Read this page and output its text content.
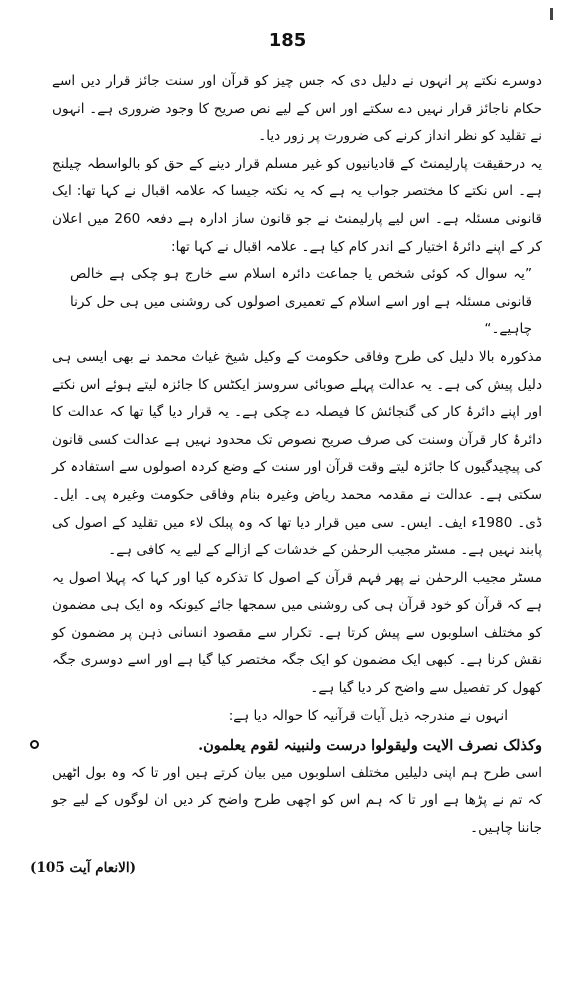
185

دوسرے نکتے پر انہوں نے دلیل دی کہ جس چیز کو قرآن اور سنت جائز قرار دیں اسے حکام ناجائز قرار نہیں دے سکتے اور اس کے لیے نص صریح کا وجود ضروری ہے۔ انہوں نے تقلید کو نظر انداز کرنے کی ضرورت پر زور دیا۔

یہ درحقیقت پارلیمنٹ کے قادیانیوں کو غیر مسلم قرار دینے کے حق کو بالواسطہ چیلنج ہے۔ اس نکتے کا مختصر جواب یہ ہے کہ یہ نکتہ جیسا کہ علامہ اقبال نے کہا تھا: ایک قانونی مسئلہ ہے۔ اس لیے پارلیمنٹ نے جو قانون ساز ادارہ ہے دفعہ 260 میں اعلان کر کے اپنے دائرۂ اختیار کے اندر کام کیا ہے۔ علامہ اقبال نے کہا تھا:

”یہ سوال کہ کوئی شخص یا جماعت دائرہ اسلام سے خارج ہو چکی ہے خالص قانونی مسئلہ ہے اور اسے اسلام کے تعمیری اصولوں کی روشنی میں ہی حل کرنا چاہیے۔“

مذکورہ بالا دلیل کی طرح وفاقی حکومت کے وکیل شیخ غیاث محمد نے بھی ایسی ہی دلیل پیش کی ہے۔ یہ عدالت پہلے صوبائی سروسز ایکٹس کا جائزہ لیتے ہوئے اس نکتے اور اپنے دائرۂ کار کی گنجائش کا فیصلہ دے چکی ہے۔ یہ قرار دیا گیا تھا کہ عدالت کا دائرۂ کار قرآن وسنت کی صرف صریح نصوص تک محدود نہیں ہے عدالت کسی قانون کی پیچیدگیوں کا جائزہ لیتے وقت قرآن اور سنت کے وضع کردہ اصولوں سے استفادہ کر سکتی ہے۔ عدالت نے مقدمہ محمد ریاض وغیرہ بنام وفاقی حکومت وغیرہ پی۔ ایل۔ ڈی۔ 1980ء ایف۔ ایس۔ سی میں قرار دیا تھا کہ وہ پبلک لاء میں تقلید کے اصول کی پابند نہیں ہے۔ مسٹر مجیب الرحمٰن کے خدشات کے ازالے کے لیے یہ کافی ہے۔

مسٹر مجیب الرحمٰن نے پھر فہم قرآن کے اصول کا تذکرہ کیا اور کہا کہ پہلا اصول یہ ہے کہ قرآن کو خود قرآن ہی کی روشنی میں سمجھا جائے کیونکہ وہ ایک ہی مضمون کو مختلف اسلوبوں سے پیش کرتا ہے۔ تکرار سے مقصود انسانی ذہن پر مضمون کو نقش کرنا ہے۔ کبھی ایک مضمون کو ایک جگہ مختصر کیا گیا ہے اور اسے دوسری جگہ کھول کر تفصیل سے واضح کر دیا گیا ہے۔

انہوں نے مندرجہ ذیل آیات قرآنیہ کا حوالہ دیا ہے:

وکذلک نصرف الایت ولیقولوا درست ولنبینہ لقوم یعلمون.

اسی طرح ہم اپنی دلیلیں مختلف اسلوبوں میں بیان کرتے ہیں اور تا کہ وہ بول اٹھیں کہ تم نے پڑھا ہے اور تا کہ ہم اس کو اچھی طرح واضح کر دیں ان لوگوں کے لیے جو جاننا چاہیں۔

(الانعام آیت 105)
